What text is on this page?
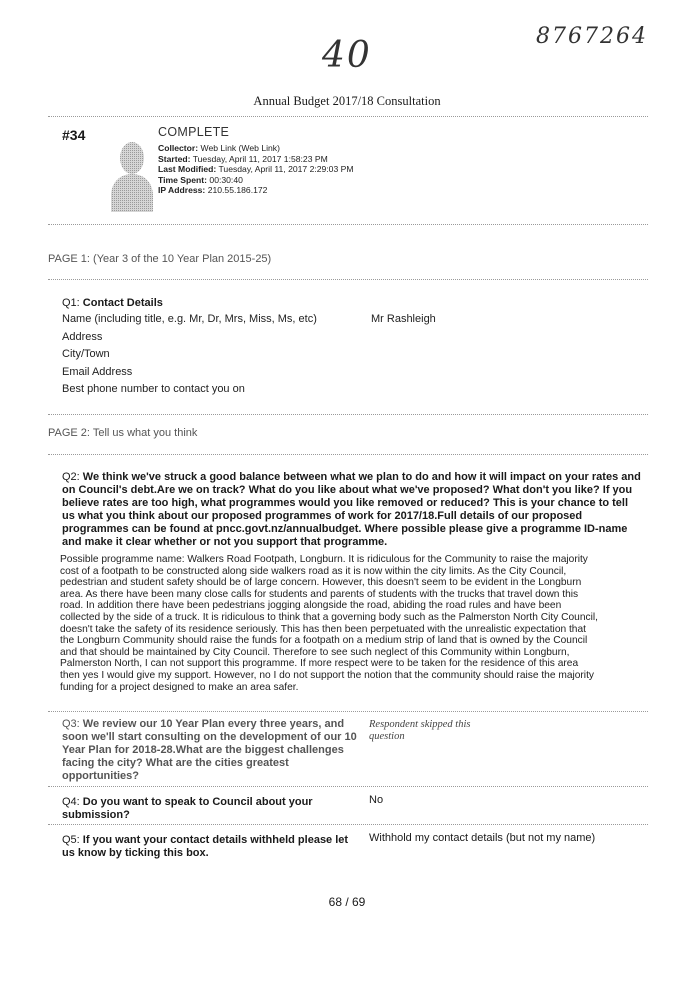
40	8767264
Annual Budget 2017/18 Consultation
#34	COMPLETE
Collector: Web Link (Web Link)
Started: Tuesday, April 11, 2017 1:58:23 PM
Last Modified: Tuesday, April 11, 2017 2:29:03 PM
Time Spent: 00:30:40
IP Address: 210.55.186.172
PAGE 1: (Year 3 of the 10 Year Plan 2015-25)
Q1: Contact Details
Name (including title, e.g. Mr, Dr, Mrs, Miss, Ms, etc)	Mr Rashleigh
Address
City/Town
Email Address
Best phone number to contact you on
PAGE 2: Tell us what you think
Q2: We think we've struck a good balance between what we plan to do and how it will impact on your rates and
on Council's debt.Are we on track? What do you like about what we've proposed? What don't you like? If you
believe rates are too high, what programmes would you like removed or reduced? This is your chance to tell
us what you think about our proposed programmes of work for 2017/18.Full details of our proposed
programmes can be found at pncc.govt.nz/annualbudget. Where possible please give a programme ID-name
and make it clear whether or not you support that programme.
Possible programme name: Walkers Road Footpath, Longburn. It is ridiculous for the Community to raise the majority
cost of a footpath to be constructed along side walkers road as it is now within the city limits. As the City Council,
pedestrian and student safety should be of large concern. However, this doesn't seem to be evident in the Longburn
area. As there have been many close calls for students and parents of students with the trucks that travel down this
road. In addition there have been pedestrians jogging alongside the road, abiding the road rules and have been
collected by the side of a truck. It is ridiculous to think that a governing body such as the Palmerston North City Council,
doesn't take the safety of its residence seriously. This has then been perpetuated with the unrealistic expectation that
the Longburn Community should raise the funds for a footpath on a medium strip of land that is owned by the Council
and that should be maintained by City Council. Therefore to see such neglect of this Community within Longburn,
Palmerston North, I can not support this programme. If more respect were to be taken for the residence of this area
then yes I would give my support. However, no I do not support the notion that the community should raise the majority
funding for a project designed to make an area safer.
Q3: We review our 10 Year Plan every three years, and
soon we'll start consulting on the development of our 10
Year Plan for 2018-28.What are the biggest challenges
facing the city? What are the cities greatest
opportunities?
Respondent skipped this
question
Q4: Do you want to speak to Council about your
submission?
No
Q5: If you want your contact details withheld please let
us know by ticking this box.
Withhold my contact details (but not my name)
68 / 69
